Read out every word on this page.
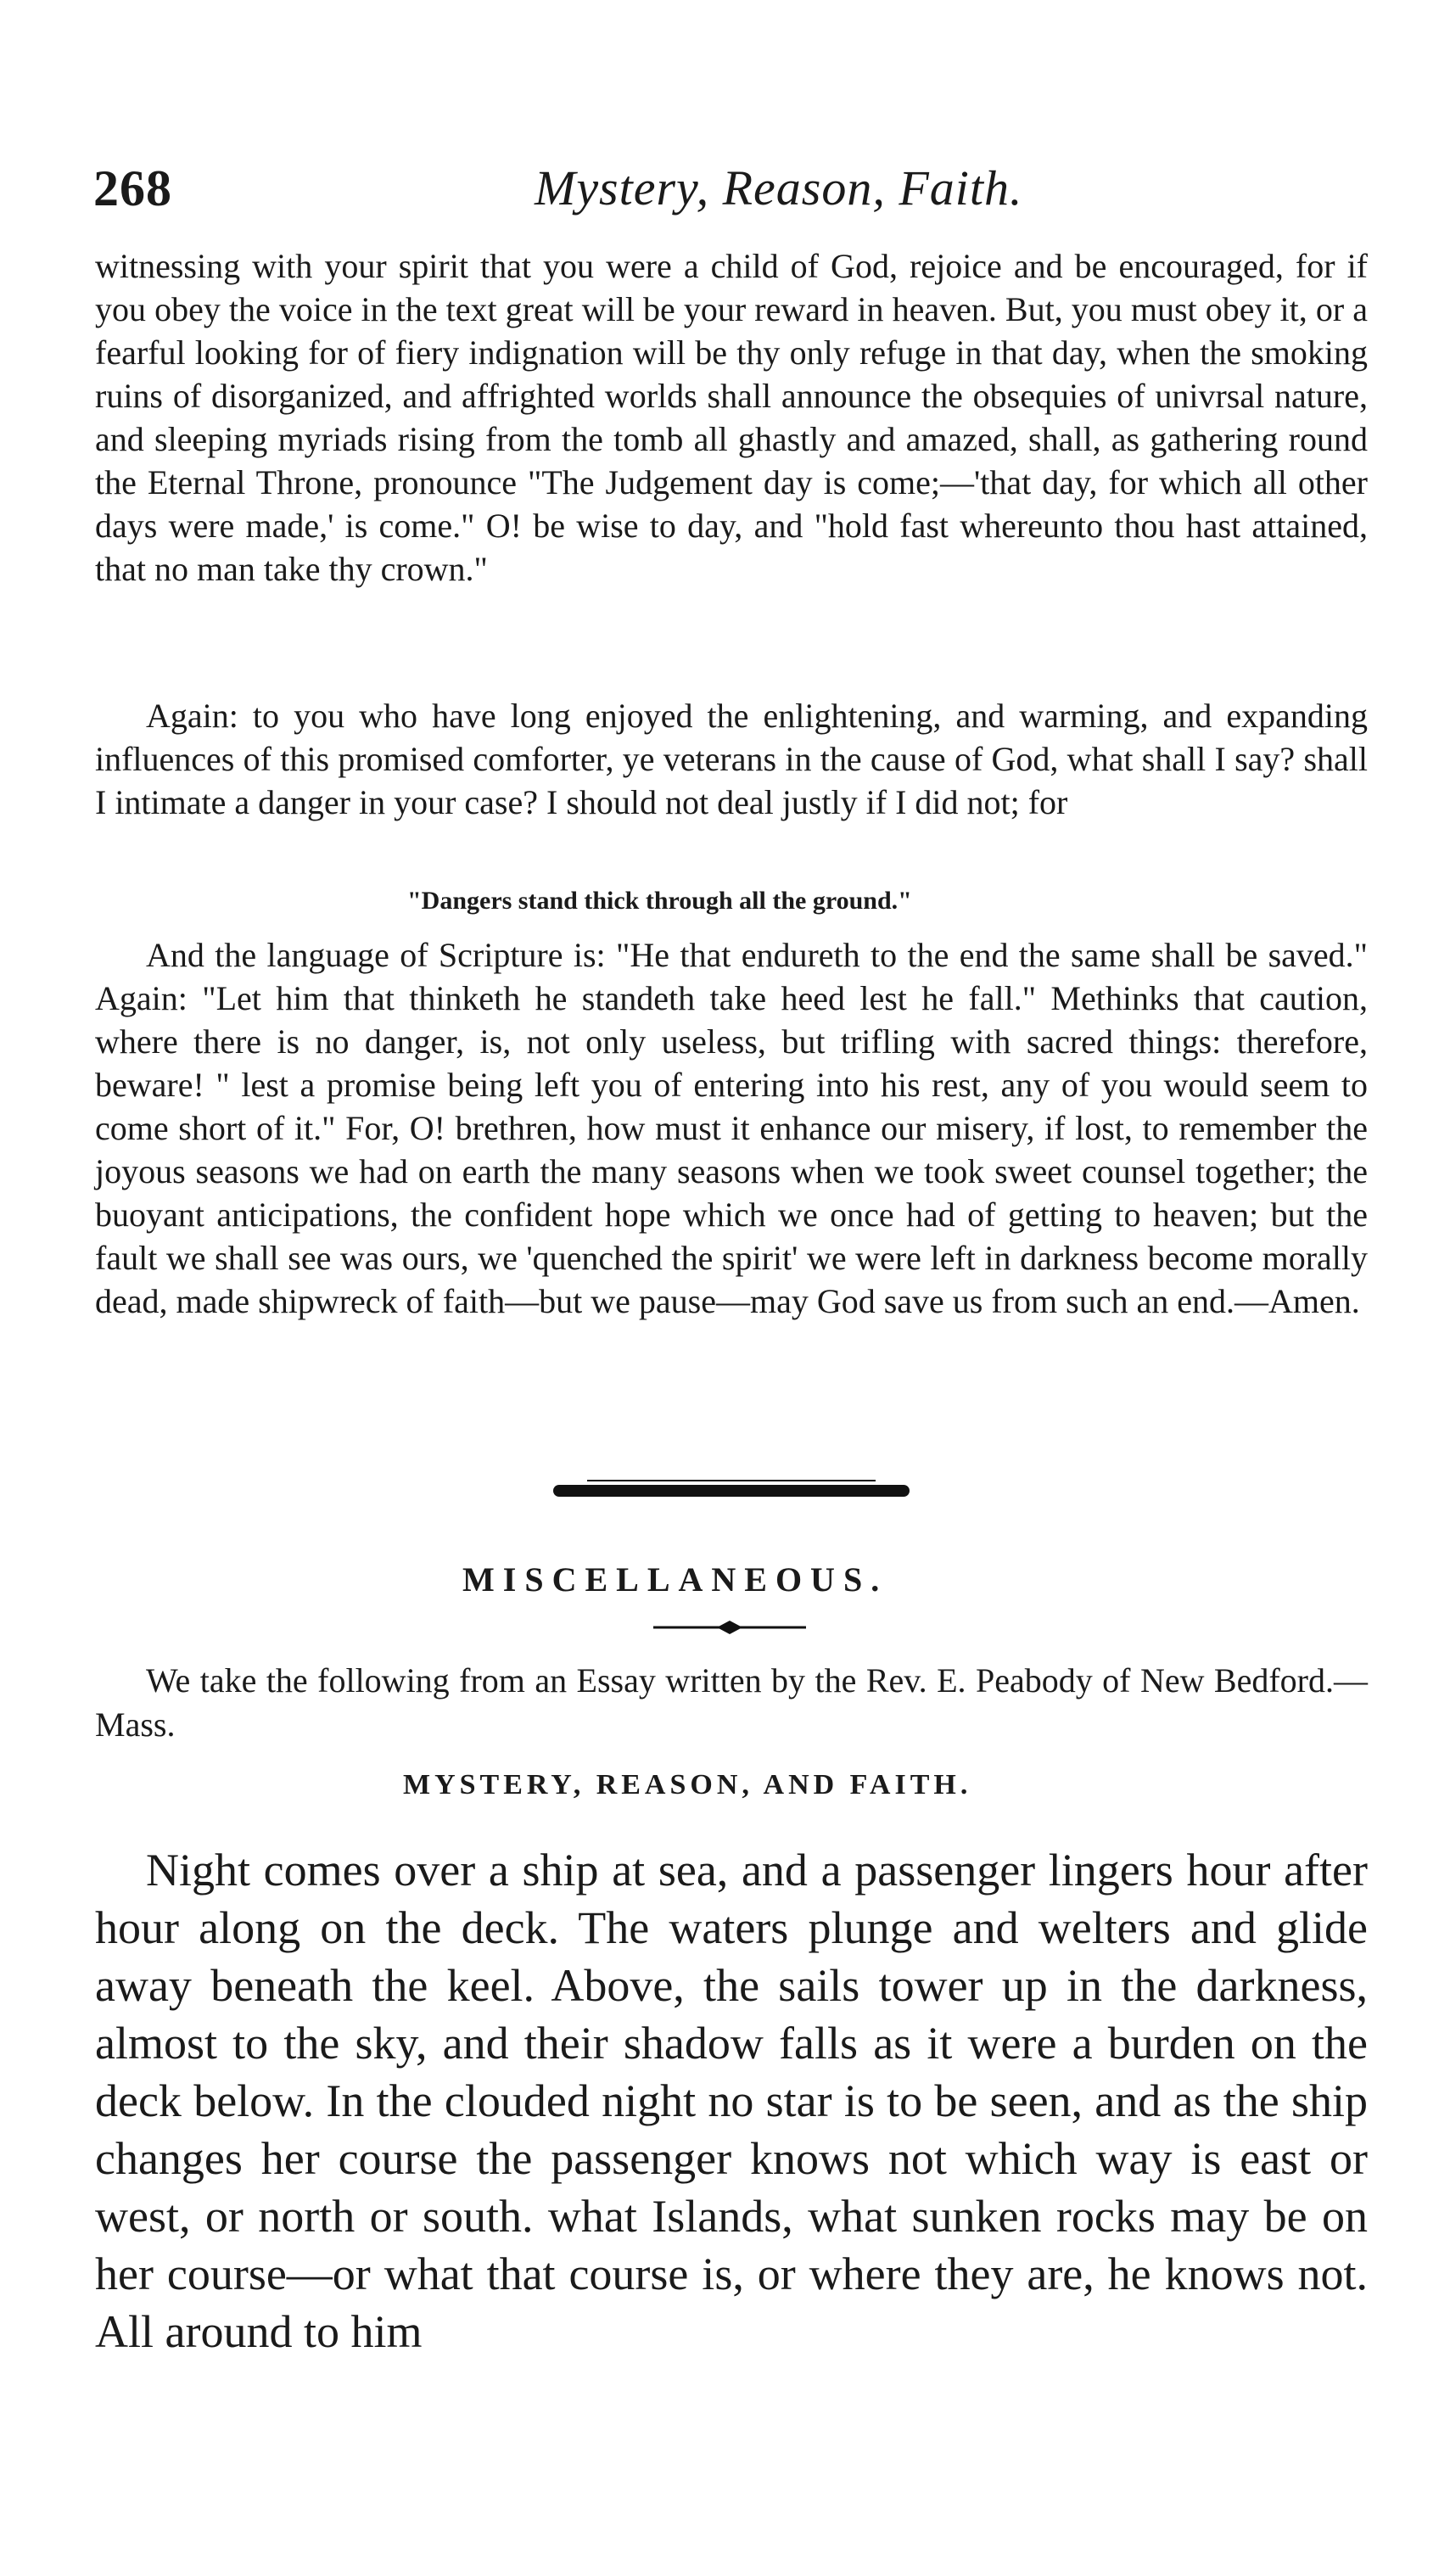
268	Mystery, Reason, Faith.

witnessing with your spirit that you were a child of God, rejoice and be encouraged, for if you obey the voice in the text great will be your reward in heaven. But, you must obey it, or a fearful looking for of fiery indignation will be thy only refuge in that day, when the smoking ruins of disorganized, and affrighted worlds shall announce the obsequies of univrsal nature, and sleeping myriads rising from the tomb all ghastly and amazed, shall, as gathering round the Eternal Throne, pronounce "The Judgement day is come;—'that day, for which all other days were made,' is come." O! be wise to day, and "hold fast whereunto thou hast attained, that no man take thy crown."

Again: to you who have long enjoyed the enlightening, and warming, and expanding influences of this promised comforter, ye veterans in the cause of God, what shall I say? shall I intimate a danger in your case? I should not deal justly if I did not; for

"Dangers stand thick through all the ground."

And the language of Scripture is: "He that endureth to the end the same shall be saved." Again: "Let him that thinketh he standeth take heed lest he fall." Methinks that caution, where there is no danger, is, not only useless, but trifling with sacred things: therefore, beware! " lest a promise being left you of entering into his rest, any of you would seem to come short of it." For, O! brethren, how must it enhance our misery, if lost, to remember the joyous seasons we had on earth the many seasons when we took sweet counsel together; the buoyant anticipations, the confident hope which we once had of getting to heaven; but the fault we shall see was ours, we 'quenched the spirit' we were left in darkness become morally dead, made shipwreck of faith—but we pause—may God save us from such an end.—Amen.

MISCELLANEOUS.

We take the following from an Essay written by the Rev. E. Peabody of New Bedford.—Mass.

MYSTERY, REASON, AND FAITH.

Night comes over a ship at sea, and a passenger lingers hour after hour along on the deck. The waters plunge and welters and glide away beneath the keel. Above, the sails tower up in the darkness, almost to the sky, and their shadow falls as it were a burden on the deck below. In the clouded night no star is to be seen, and as the ship changes her course the passenger knows not which way is east or west, or north or south. what Islands, what sunken rocks may be on her course—or what that course is, or where they are, he knows not. All around to him
